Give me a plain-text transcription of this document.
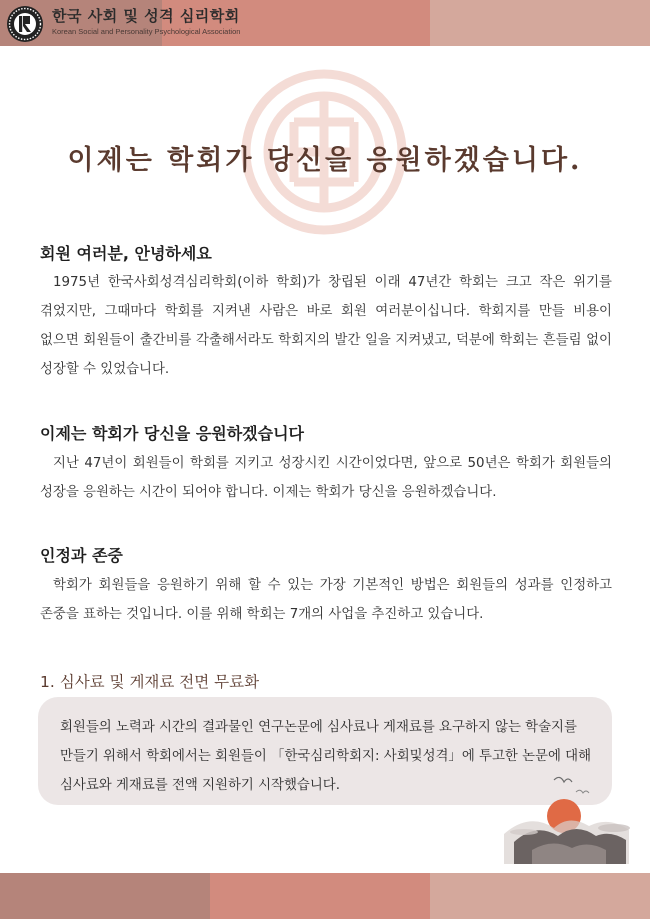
한국 사회 및 성격 심리학회
Korean Social and Personality Psychological Association
이제는 학회가 당신을 응원하겠습니다.
회원 여러분, 안녕하세요
1975년 한국사회성격심리학회(이하 학회)가 창립된 이래 47년간 학회는 크고 작은 위기를 겪었지만, 그때마다 학회를 지켜낸 사람은 바로 회원 여러분이십니다. 학회지를 만들 비용이 없으면 회원들이 출간비를 각출해서라도 학회지의 발간 일을 지켜냈고, 덕분에 학회는 흔들림 없이 성장할 수 있었습니다.
이제는 학회가 당신을 응원하겠습니다
지난 47년이 회원들이 학회를 지키고 성장시킨 시간이었다면, 앞으로 50년은 학회가 회원들의 성장을 응원하는 시간이 되어야 합니다. 이제는 학회가 당신을 응원하겠습니다.
인정과 존중
학회가 회원들을 응원하기 위해 할 수 있는 가장 기본적인 방법은 회원들의 성과를 인정하고 존중을 표하는 것입니다. 이를 위해 학회는 7개의 사업을 추진하고 있습니다.
1. 심사료 및 게재료 전면 무료화
회원들의 노력과 시간의 결과물인 연구논문에 심사료나 게재료를 요구하지 않는 학술지를 만들기 위해서 학회에서는 회원들이 「한국심리학회지: 사회및성격」에 투고한 논문에 대해 심사료와 게재료를 전액 지원하기 시작했습니다.
